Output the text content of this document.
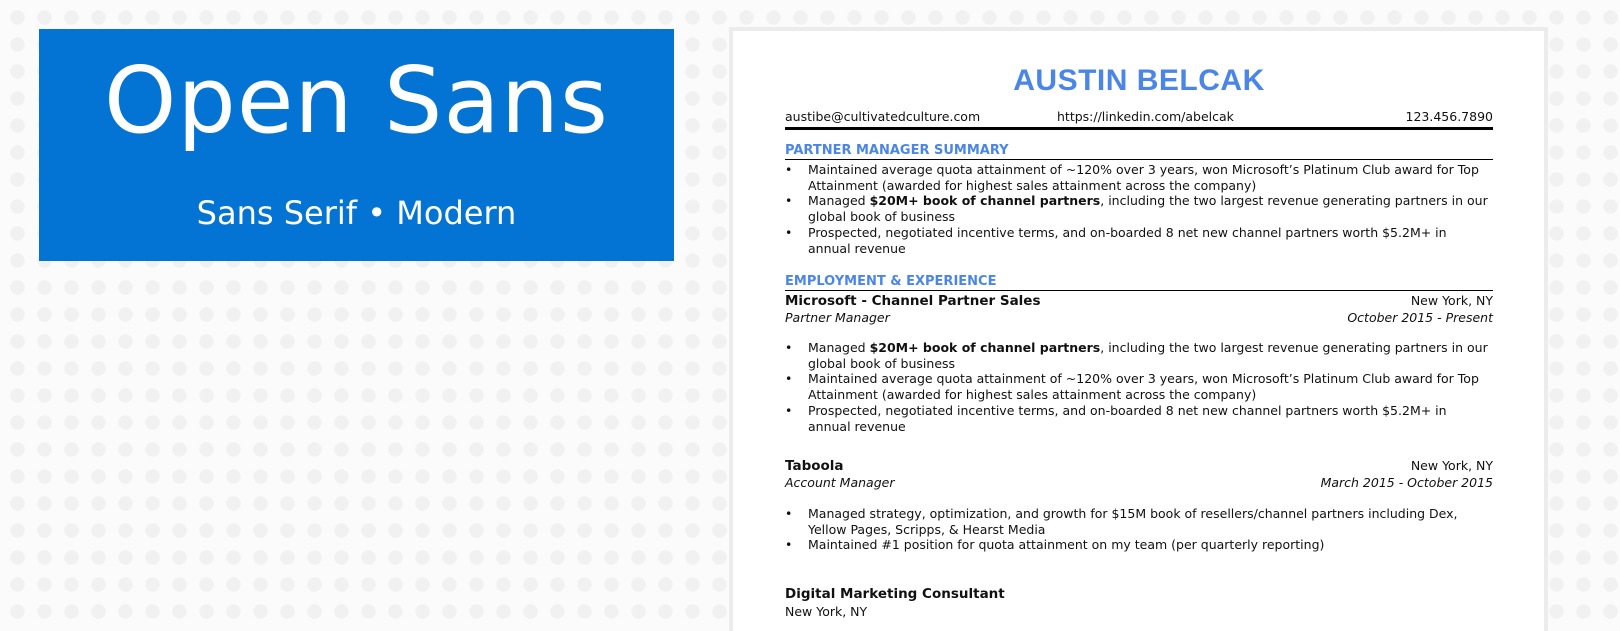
Open Sans
Sans Serif • Modern
AUSTIN BELCAK
austibe@cultivatedculture.com	https://linkedin.com/abelcak	123.456.7890
PARTNER MANAGER SUMMARY
• Maintained average quota attainment of ~120% over 3 years, won Microsoft’s Platinum Club award for Top Attainment (awarded for highest sales attainment across the company)
• Managed $20M+ book of channel partners, including the two largest revenue generating partners in our global book of business
• Prospected, negotiated incentive terms, and on-boarded 8 net new channel partners worth $5.2M+ in annual revenue
EMPLOYMENT & EXPERIENCE
Microsoft - Channel Partner Sales	New York, NY
Partner Manager	October 2015 - Present
• Managed $20M+ book of channel partners, including the two largest revenue generating partners in our global book of business
• Maintained average quota attainment of ~120% over 3 years, won Microsoft’s Platinum Club award for Top Attainment (awarded for highest sales attainment across the company)
• Prospected, negotiated incentive terms, and on-boarded 8 net new channel partners worth $5.2M+ in annual revenue
Taboola	New York, NY
Account Manager	March 2015 - October 2015
• Managed strategy, optimization, and growth for $15M book of resellers/channel partners including Dex, Yellow Pages, Scripps, & Hearst Media
• Maintained #1 position for quota attainment on my team (per quarterly reporting)
Digital Marketing Consultant
New York, NY
